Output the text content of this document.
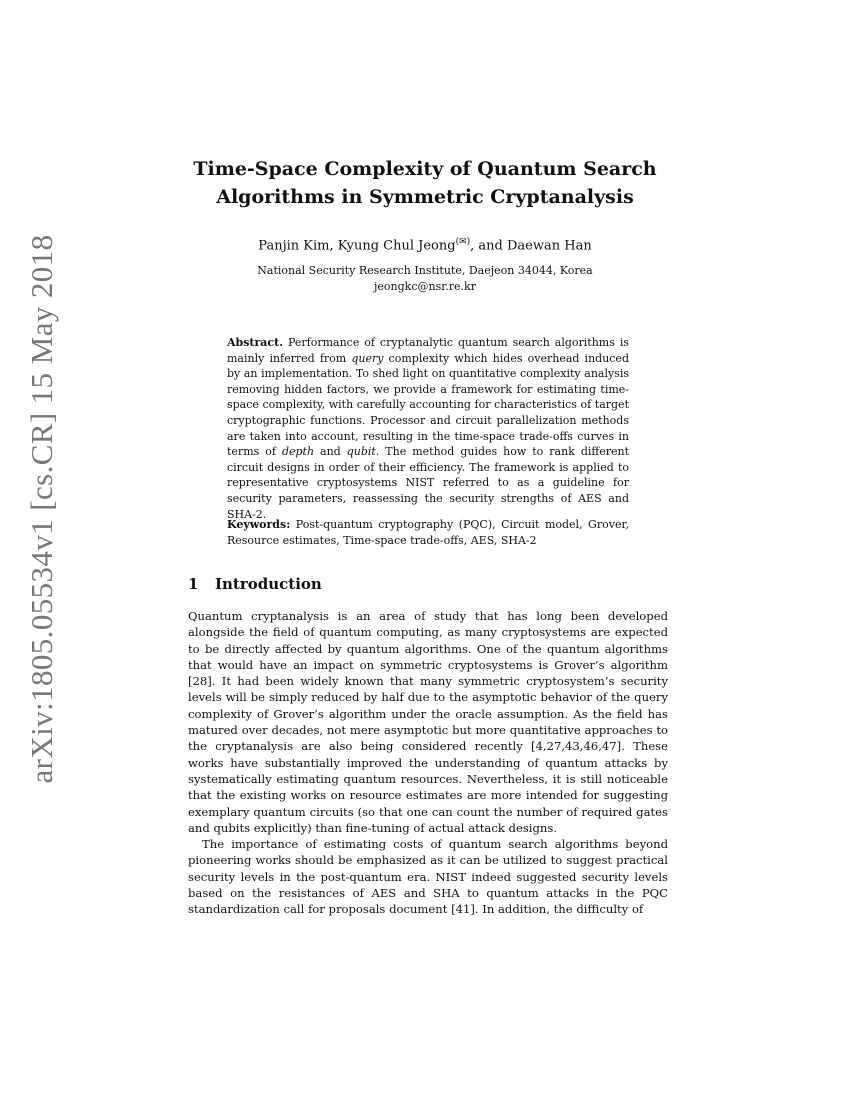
arXiv:1805.05534v1 [cs.CR] 15 May 2018
Time-Space Complexity of Quantum Search
Algorithms in Symmetric Cryptanalysis
Panjin Kim, Kyung Chul Jeong(✉), and Daewan Han
National Security Research Institute, Daejeon 34044, Korea
jeongkc@nsr.re.kr
Abstract. Performance of cryptanalytic quantum search algorithms is mainly inferred from query complexity which hides overhead induced by an implementation. To shed light on quantitative complexity analysis removing hidden factors, we provide a framework for estimating time-space complexity, with carefully accounting for characteristics of target cryptographic functions. Processor and circuit parallelization methods are taken into account, resulting in the time-space trade-offs curves in terms of depth and qubit. The method guides how to rank different circuit designs in order of their efficiency. The framework is applied to representative cryptosystems NIST referred to as a guideline for security parameters, reassessing the security strengths of AES and SHA-2.
Keywords: Post-quantum cryptography (PQC), Circuit model, Grover, Resource estimates, Time-space trade-offs, AES, SHA-2
1 Introduction

Quantum cryptanalysis is an area of study that has long been developed alongside the field of quantum computing, as many cryptosystems are expected to be directly affected by quantum algorithms. One of the quantum algorithms that would have an impact on symmetric cryptosystems is Grover’s algorithm [28]. It had been widely known that many symmetric cryptosystem’s security levels will be simply reduced by half due to the asymptotic behavior of the query complexity of Grover’s algorithm under the oracle assumption. As the field has matured over decades, not mere asymptotic but more quantitative approaches to the cryptanalysis are also being considered recently [4,27,43,46,47]. These works have substantially improved the understanding of quantum attacks by systematically estimating quantum resources. Nevertheless, it is still noticeable that the existing works on resource estimates are more intended for suggesting exemplary quantum circuits (so that one can count the number of required gates and qubits explicitly) than fine-tuning of actual attack designs.

The importance of estimating costs of quantum search algorithms beyond pioneering works should be emphasized as it can be utilized to suggest practical security levels in the post-quantum era. NIST indeed suggested security levels based on the resistances of AES and SHA to quantum attacks in the PQC standardization call for proposals document [41]. In addition, the difficulty of
